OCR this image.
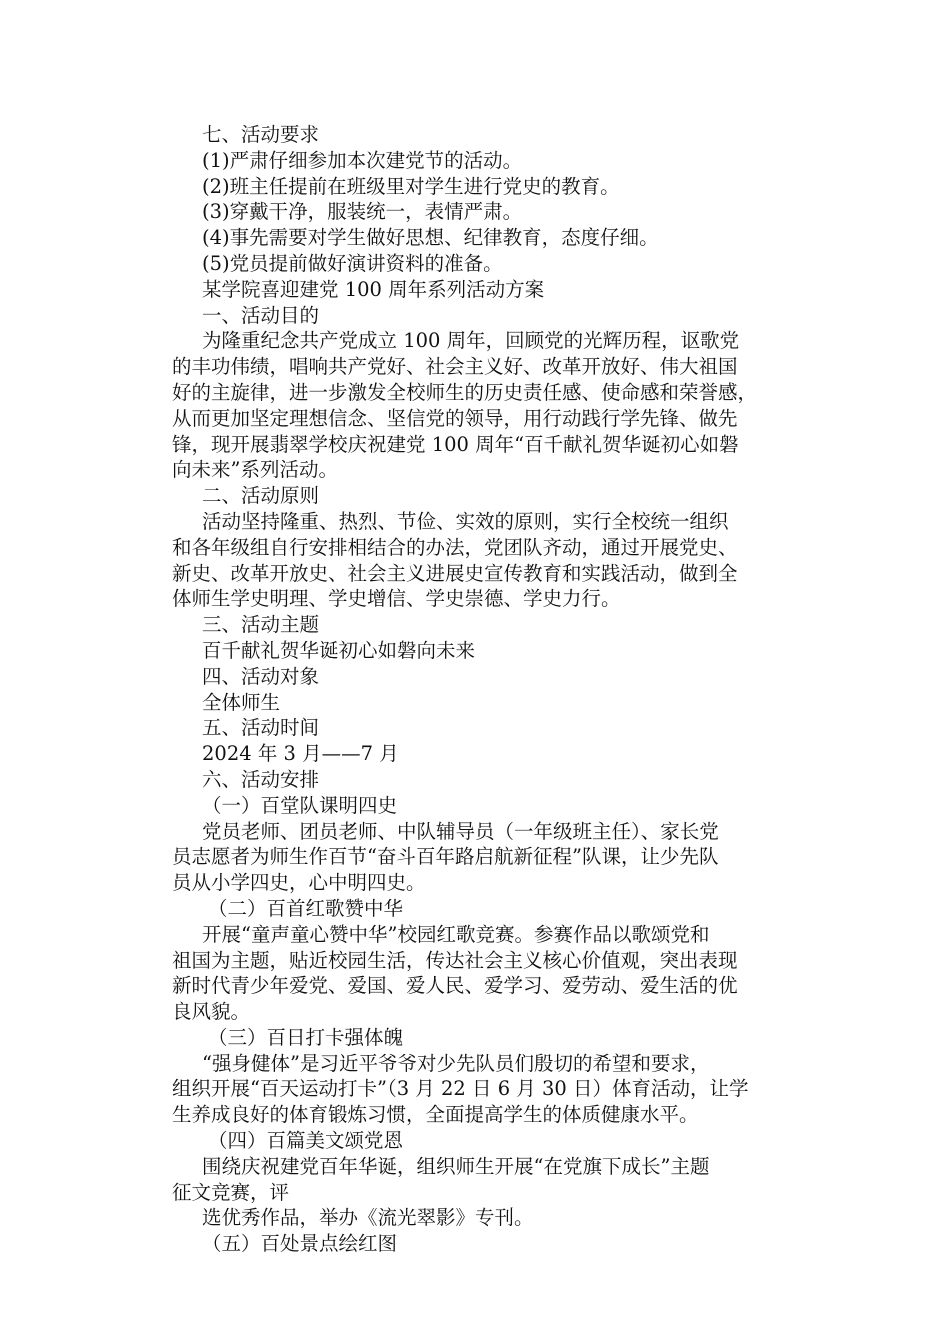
七、活动要求
(1)严肃仔细参加本次建党节的活动。
(2)班主任提前在班级里对学生进行党史的教育。
(3)穿戴干净，服装统一，表情严肃。
(4)事先需要对学生做好思想、纪律教育，态度仔细。
(5)党员提前做好演讲资料的准备。
某学院喜迎建党 100 周年系列活动方案
一、活动目的
为隆重纪念共产党成立 100 周年，回顾党的光辉历程，讴歌党
的丰功伟绩，唱响共产党好、社会主义好、改革开放好、伟大祖国
好的主旋律，进一步激发全校师生的历史责任感、使命感和荣誉感，
从而更加坚定理想信念、坚信党的领导，用行动践行学先锋、做先
锋，现开展翡翠学校庆祝建党 100 周年“百千献礼贺华诞初心如磐
向未来”系列活动。
二、活动原则
活动坚持隆重、热烈、节俭、实效的原则，实行全校统一组织
和各年级组自行安排相结合的办法，党团队齐动，通过开展党史、
新史、改革开放史、社会主义进展史宣传教育和实践活动，做到全
体师生学史明理、学史增信、学史崇德、学史力行。
三、活动主题
百千献礼贺华诞初心如磐向未来
四、活动对象
全体师生
五、活动时间
2024 年 3 月——7 月
六、活动安排
（一）百堂队课明四史
党员老师、团员老师、中队辅导员（一年级班主任）、家长党
员志愿者为师生作百节“奋斗百年路启航新征程”队课，让少先队
员从小学四史，心中明四史。
（二）百首红歌赞中华
开展“童声童心赞中华”校园红歌竞赛。参赛作品以歌颂党和
祖国为主题，贴近校园生活，传达社会主义核心价值观，突出表现
新时代青少年爱党、爱国、爱人民、爱学习、爱劳动、爱生活的优
良风貌。
（三）百日打卡强体魄
“强身健体”是习近平爷爷对少先队员们殷切的希望和要求，
组织开展“百天运动打卡”（3 月 22 日 6 月 30 日）体育活动，让学
生养成良好的体育锻炼习惯，全面提高学生的体质健康水平。
（四）百篇美文颂党恩
围绕庆祝建党百年华诞，组织师生开展“在党旗下成长”主题
征文竞赛，评
选优秀作品，举办《流光翠影》专刊。
（五）百处景点绘红图
